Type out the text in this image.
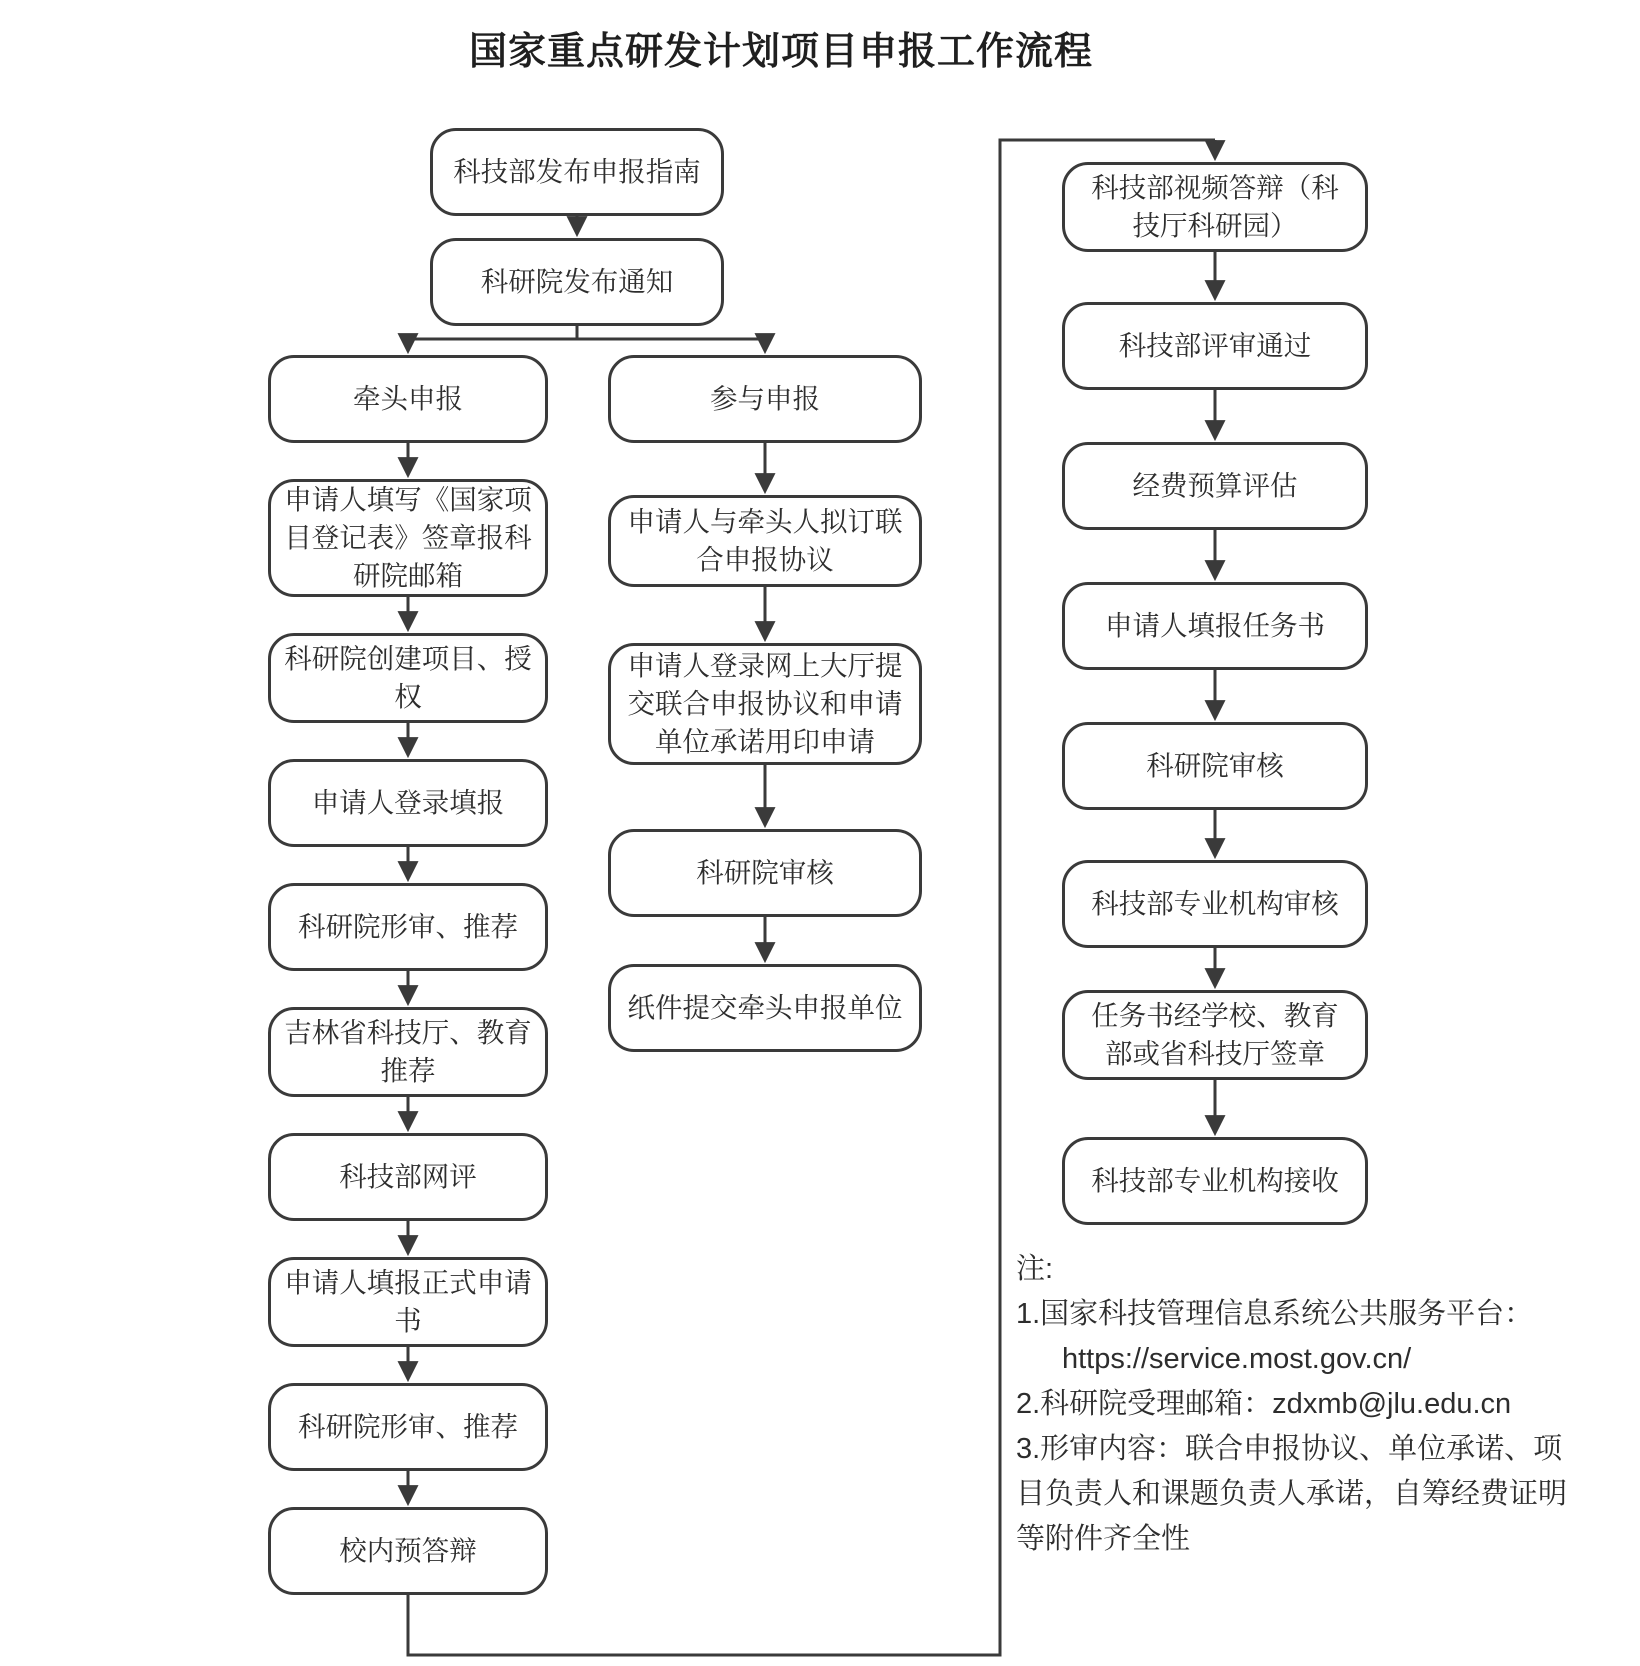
国家重点研发计划项目申报工作流程
科技部发布申报指南
科研院发布通知
牵头申报
申请人填写《国家项目登记表》签章报科研院邮箱
科研院创建项目、授权
申请人登录填报
科研院形审、推荐
吉林省科技厅、教育推荐
科技部网评
申请人填报正式申请书
科研院形审、推荐
校内预答辩
参与申报
申请人与牵头人拟订联合申报协议
申请人登录网上大厅提交联合申报协议和申请单位承诺用印申请
科研院审核
纸件提交牵头申报单位
科技部视频答辩（科技厅科研园）
科技部评审通过
经费预算评估
申请人填报任务书
科研院审核
科技部专业机构审核
任务书经学校、教育部或省科技厅签章
科技部专业机构接收
注:
1.国家科技管理信息系统公共服务平台：
https://service.most.gov.cn/
2.科研院受理邮箱：zdxmb@jlu.edu.cn
3.形审内容：联合申报协议、单位承诺、项目负责人和课题负责人承诺，自筹经费证明等附件齐全性
